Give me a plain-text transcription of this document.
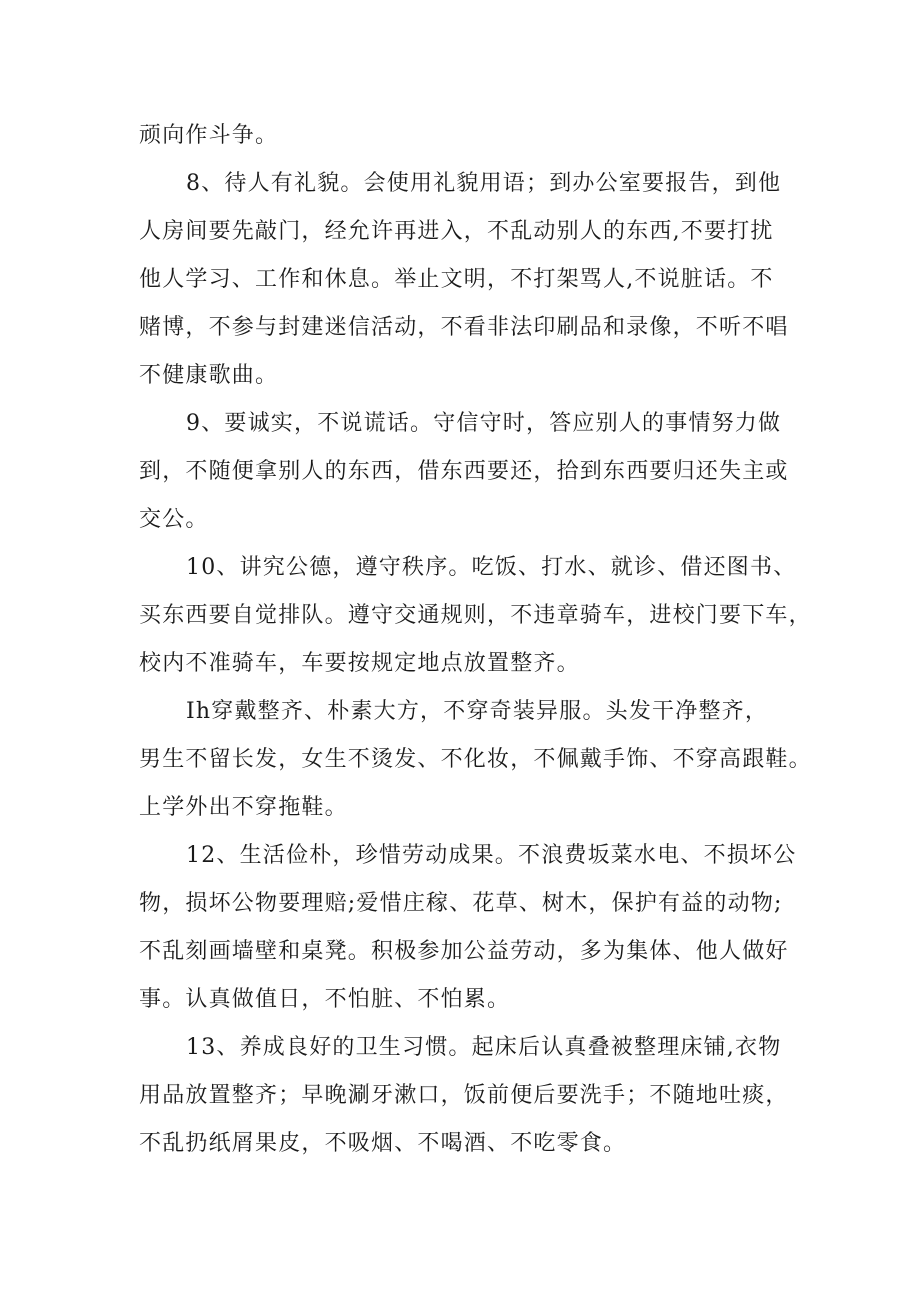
顽向作斗争。
8、待人有礼貌。会使用礼貌用语；到办公室要报告，到他
人房间要先敲门，经允许再进入，不乱动别人的东西,不要打扰
他人学习、工作和休息。举止文明，不打架骂人,不说脏话。不
赌博，不参与封建迷信活动，不看非法印刷品和录像，不听不唱
不健康歌曲。
9、要诚实，不说谎话。守信守时，答应别人的事情努力做
到，不随便拿别人的东西，借东西要还，拾到东西要归还失主或
交公。
10、讲究公德，遵守秩序。吃饭、打水、就诊、借还图书、
买东西要自觉排队。遵守交通规则，不违章骑车，进校门要下车，
校内不准骑车，车要按规定地点放置整齐。
Ih穿戴整齐、朴素大方，不穿奇装异服。头发干净整齐，
男生不留长发，女生不烫发、不化妆，不佩戴手饰、不穿高跟鞋。
上学外出不穿拖鞋。
12、生活俭朴，珍惜劳动成果。不浪费坂菜水电、不损坏公
物，损坏公物要理赔;爱惜庄稼、花草、树木，保护有益的动物;
不乱刻画墙壁和桌凳。积极参加公益劳动，多为集体、他人做好
事。认真做值日，不怕脏、不怕累。
13、养成良好的卫生习惯。起床后认真叠被整理床铺,衣物
用品放置整齐；早晚涮牙漱口，饭前便后要洗手；不随地吐痰，
不乱扔纸屑果皮，不吸烟、不喝酒、不吃零食。
